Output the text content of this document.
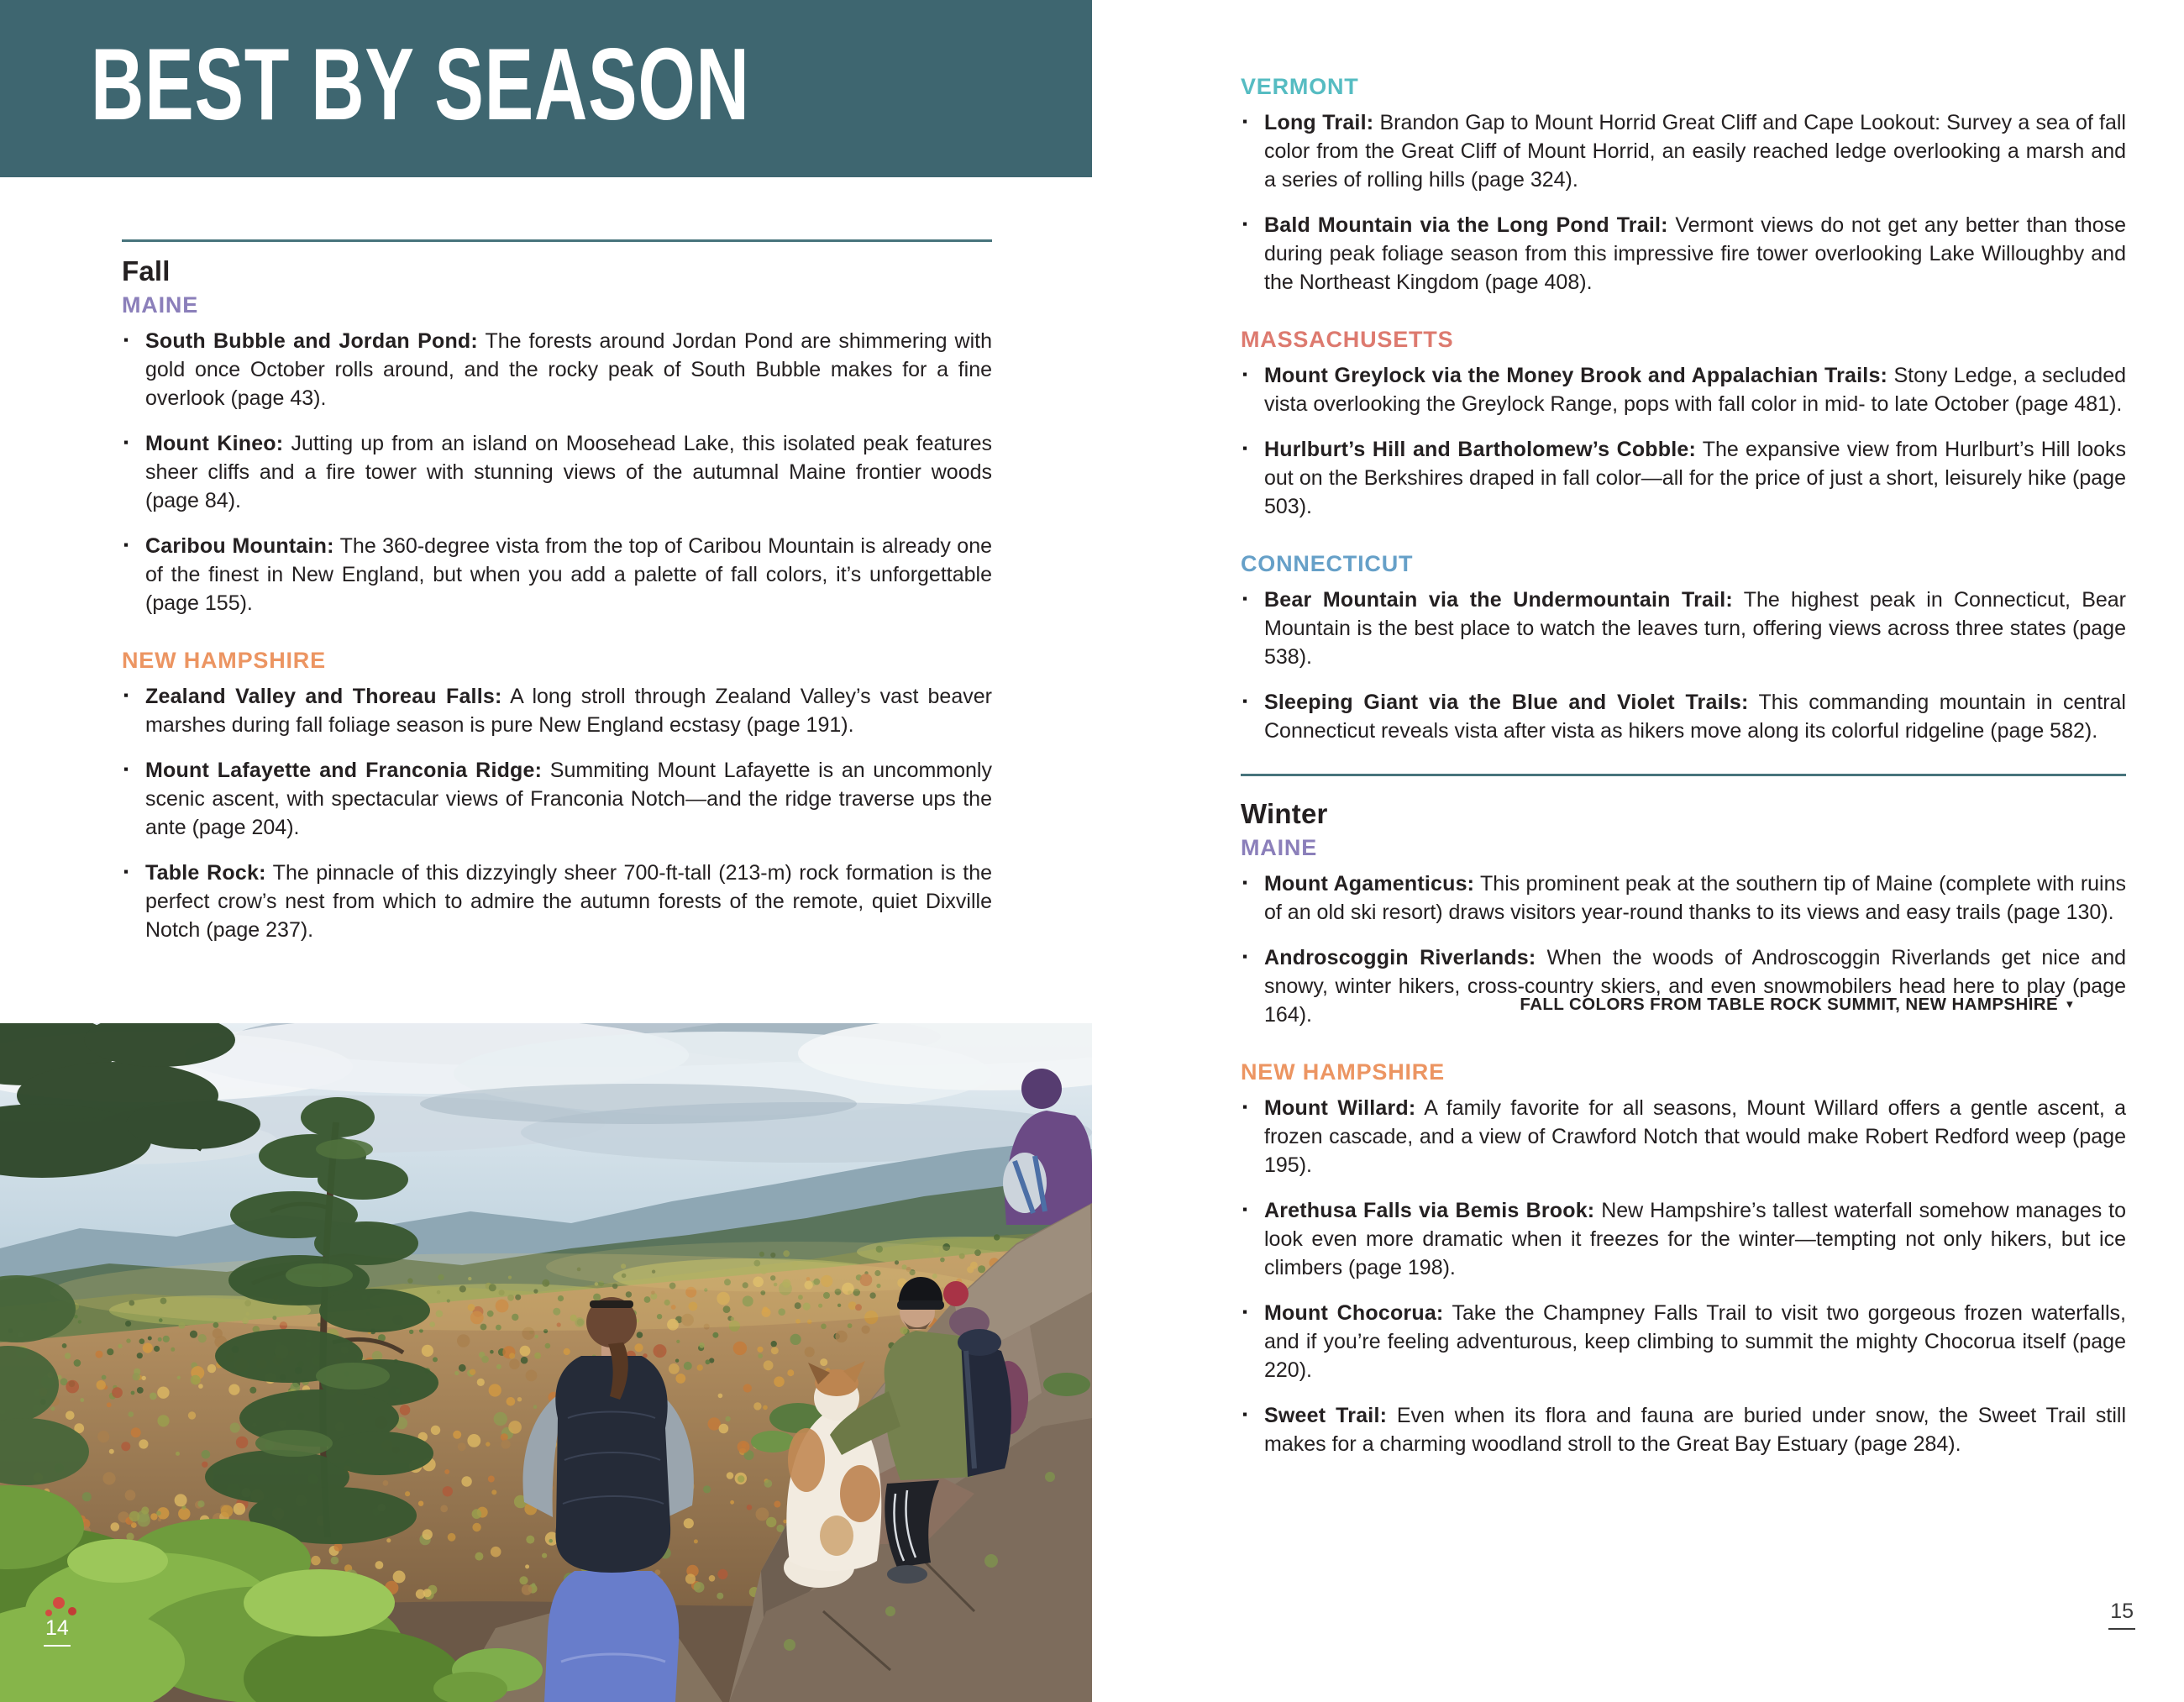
BEST BY SEASON
Fall
MAINE

▪ South Bubble and Jordan Pond: The forests around Jordan Pond are shimmering with gold once October rolls around, and the rocky peak of South Bubble makes for a fine overlook (page 43).

▪ Mount Kineo: Jutting up from an island on Moosehead Lake, this isolated peak features sheer cliffs and a fire tower with stunning views of the autumnal Maine frontier woods (page 84).

▪ Caribou Mountain: The 360-degree vista from the top of Caribou Mountain is already one of the finest in New England, but when you add a palette of fall colors, it’s unforgettable (page 155).

NEW HAMPSHIRE

▪ Zealand Valley and Thoreau Falls: A long stroll through Zealand Valley’s vast beaver marshes during fall foliage season is pure New England ecstasy (page 191).

▪ Mount Lafayette and Franconia Ridge: Summiting Mount Lafayette is an uncommonly scenic ascent, with spectacular views of Franconia Notch—and the ridge traverse ups the ante (page 204).

▪ Table Rock: The pinnacle of this dizzyingly sheer 700-ft-tall (213-m) rock formation is the perfect crow’s nest from which to admire the autumn forests of the remote, quiet Dixville Notch (page 237).

FALL COLORS FROM TABLE ROCK SUMMIT, NEW HAMPSHIRE ▾
14
VERMONT

▪ Long Trail: Brandon Gap to Mount Horrid Great Cliff and Cape Lookout: Survey a sea of fall color from the Great Cliff of Mount Horrid, an easily reached ledge overlooking a marsh and a series of rolling hills (page 324).

▪ Bald Mountain via the Long Pond Trail: Vermont views do not get any better than those during peak foliage season from this impressive fire tower overlooking Lake Willoughby and the Northeast Kingdom (page 408).

MASSACHUSETTS

▪ Mount Greylock via the Money Brook and Appalachian Trails: Stony Ledge, a secluded vista overlooking the Greylock Range, pops with fall color in mid- to late October (page 481).

▪ Hurlburt’s Hill and Bartholomew’s Cobble: The expansive view from Hurlburt’s Hill looks out on the Berkshires draped in fall color—all for the price of just a short, leisurely hike (page 503).

CONNECTICUT

▪ Bear Mountain via the Undermountain Trail: The highest peak in Connecticut, Bear Mountain is the best place to watch the leaves turn, offering views across three states (page 538).

▪ Sleeping Giant via the Blue and Violet Trails: This commanding mountain in central Connecticut reveals vista after vista as hikers move along its colorful ridgeline (page 582).

Winter
MAINE

▪ Mount Agamenticus: This prominent peak at the southern tip of Maine (complete with ruins of an old ski resort) draws visitors year-round thanks to its views and easy trails (page 130).

▪ Androscoggin Riverlands: When the woods of Androscoggin Riverlands get nice and snowy, winter hikers, cross-country skiers, and even snowmobilers head here to play (page 164).

NEW HAMPSHIRE

▪ Mount Willard: A family favorite for all seasons, Mount Willard offers a gentle ascent, a frozen cascade, and a view of Crawford Notch that would make Robert Redford weep (page 195).

▪ Arethusa Falls via Bemis Brook: New Hampshire’s tallest waterfall somehow manages to look even more dramatic when it freezes for the winter—tempting not only hikers, but ice climbers (page 198).

▪ Mount Chocorua: Take the Champney Falls Trail to visit two gorgeous frozen waterfalls, and if you’re feeling adventurous, keep climbing to summit the mighty Chocorua itself (page 220).

▪ Sweet Trail: Even when its flora and fauna are buried under snow, the Sweet Trail still makes for a charming woodland stroll to the Great Bay Estuary (page 284).

15
